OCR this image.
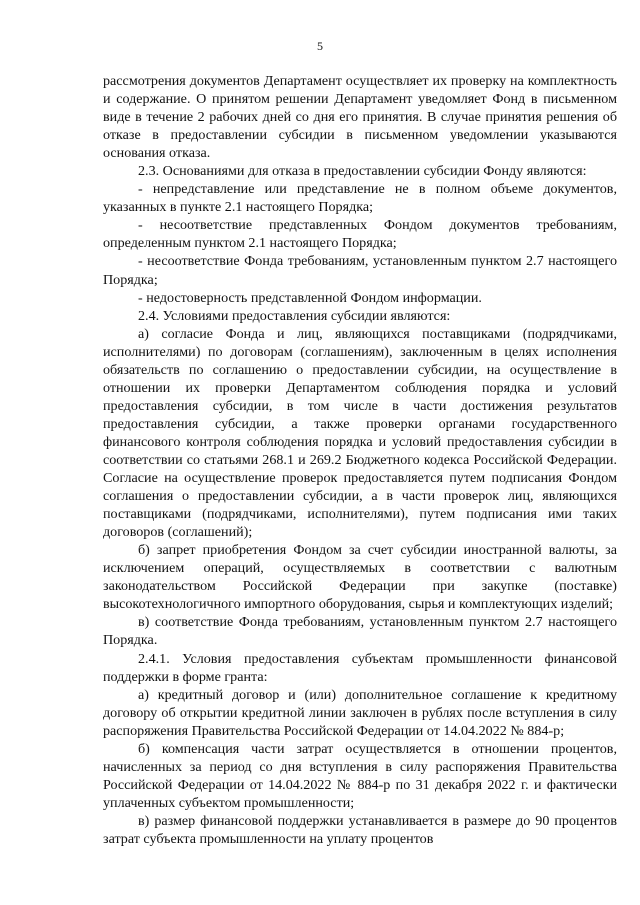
5

рассмотрения документов Департамент осуществляет их проверку на комплектность и содержание. О принятом решении Департамент уведомляет Фонд в письменном виде в течение 2 рабочих дней со дня его принятия. В случае принятия решения об отказе в предоставлении субсидии в письменном уведомлении указываются основания отказа.

2.3. Основаниями для отказа в предоставлении субсидии Фонду являются:

- непредставление или представление не в полном объеме документов, указанных в пункте 2.1 настоящего Порядка;

- несоответствие представленных Фондом документов требованиям, определенным пунктом 2.1 настоящего Порядка;

- несоответствие Фонда требованиям, установленным пунктом 2.7 настоящего Порядка;

- недостоверность представленной Фондом информации.

2.4. Условиями предоставления субсидии являются:

а) согласие Фонда и лиц, являющихся поставщиками (подрядчиками, исполнителями) по договорам (соглашениям), заключенным в целях исполнения обязательств по соглашению о предоставлении субсидии, на осуществление в отношении их проверки Департаментом соблюдения порядка и условий предоставления субсидии, в том числе в части достижения результатов предоставления субсидии, а также проверки органами государственного финансового контроля соблюдения порядка и условий предоставления субсидии в соответствии со статьями 268.1 и 269.2 Бюджетного кодекса Российской Федерации. Согласие на осуществление проверок предоставляется путем подписания Фондом соглашения о предоставлении субсидии, а в части проверок лиц, являющихся поставщиками (подрядчиками, исполнителями), путем подписания ими таких договоров (соглашений);

б) запрет приобретения Фондом за счет субсидии иностранной валюты, за исключением операций, осуществляемых в соответствии с валютным законодательством Российской Федерации при закупке (поставке) высокотехнологичного импортного оборудования, сырья и комплектующих изделий;

в) соответствие Фонда требованиям, установленным пунктом 2.7 настоящего Порядка.

2.4.1. Условия предоставления субъектам промышленности финансовой поддержки в форме гранта:

а) кредитный договор и (или) дополнительное соглашение к кредитному договору об открытии кредитной линии заключен в рублях после вступления в силу распоряжения Правительства Российской Федерации от 14.04.2022 № 884-р;

б) компенсация части затрат осуществляется в отношении процентов, начисленных за период со дня вступления в силу распоряжения Правительства Российской Федерации от 14.04.2022 № 884-р по 31 декабря 2022 г. и фактически уплаченных субъектом промышленности;

в) размер финансовой поддержки устанавливается в размере до 90 процентов затрат субъекта промышленности на уплату процентов
